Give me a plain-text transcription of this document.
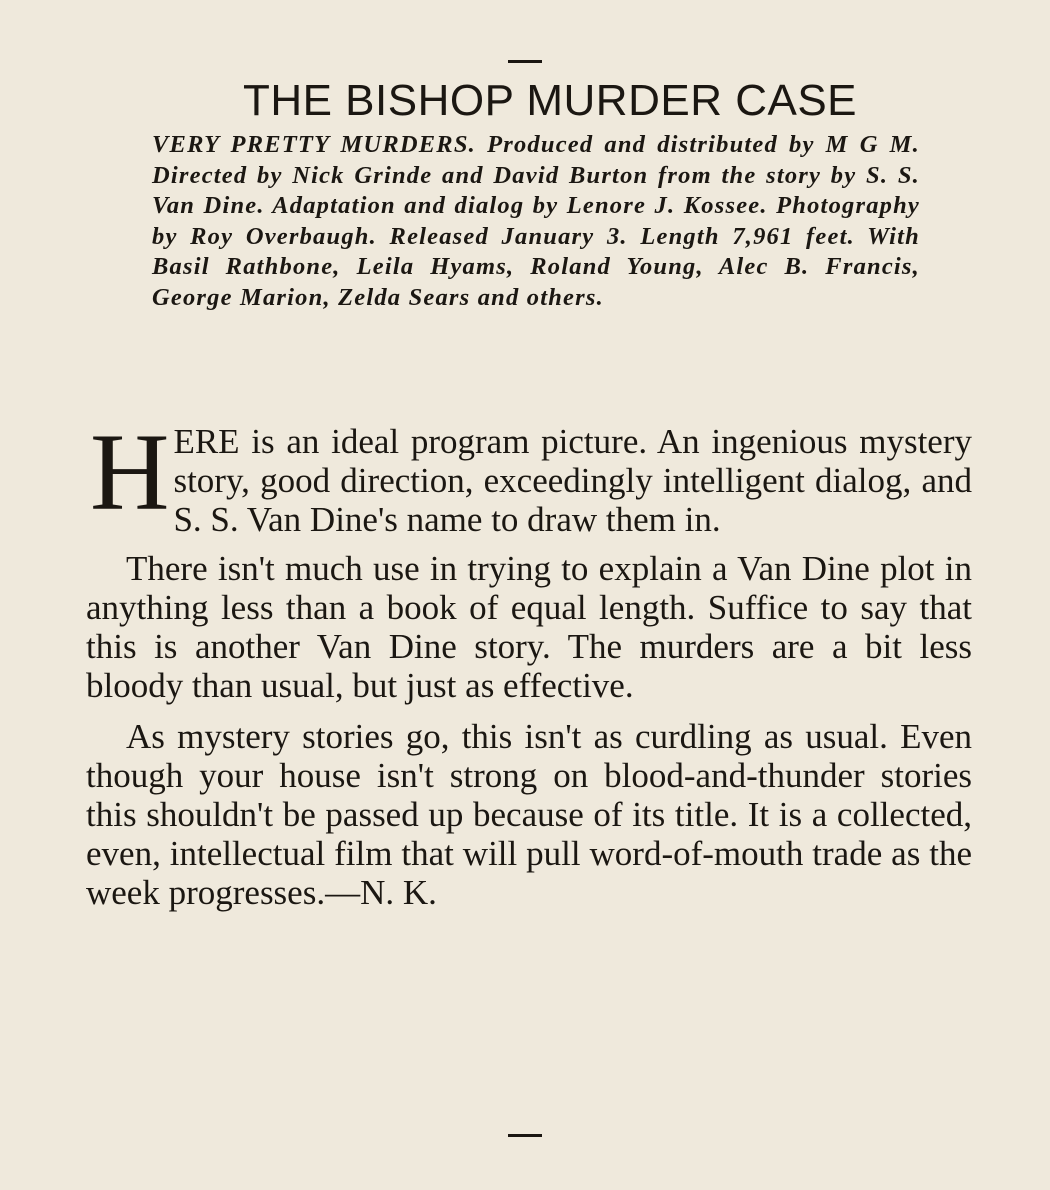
THE BISHOP MURDER CASE

VERY PRETTY MURDERS. Produced and distributed by M G M. Directed by Nick Grinde and David Burton from the story by S. S. Van Dine. Adaptation and dialog by Lenore J. Kossee. Photography by Roy Overbaugh. Released January 3. Length 7,961 feet. With Basil Rathbone, Leila Hyams, Roland Young, Alec B. Francis, George Marion, Zelda Sears and others.

H ERE is an ideal program picture. An ingenious mystery story, good direction, exceedingly intelligent dialog, and S. S. Van Dine's name to draw them in.

There isn't much use in trying to explain a Van Dine plot in anything less than a book of equal length. Suffice to say that this is another Van Dine story. The murders are a bit less bloody than usual, but just as effective.

As mystery stories go, this isn't as curdling as usual. Even though your house isn't strong on blood-and-thunder stories this shouldn't be passed up because of its title. It is a collected, even, intellectual film that will pull word-of-mouth trade as the week progresses.—N. K.
